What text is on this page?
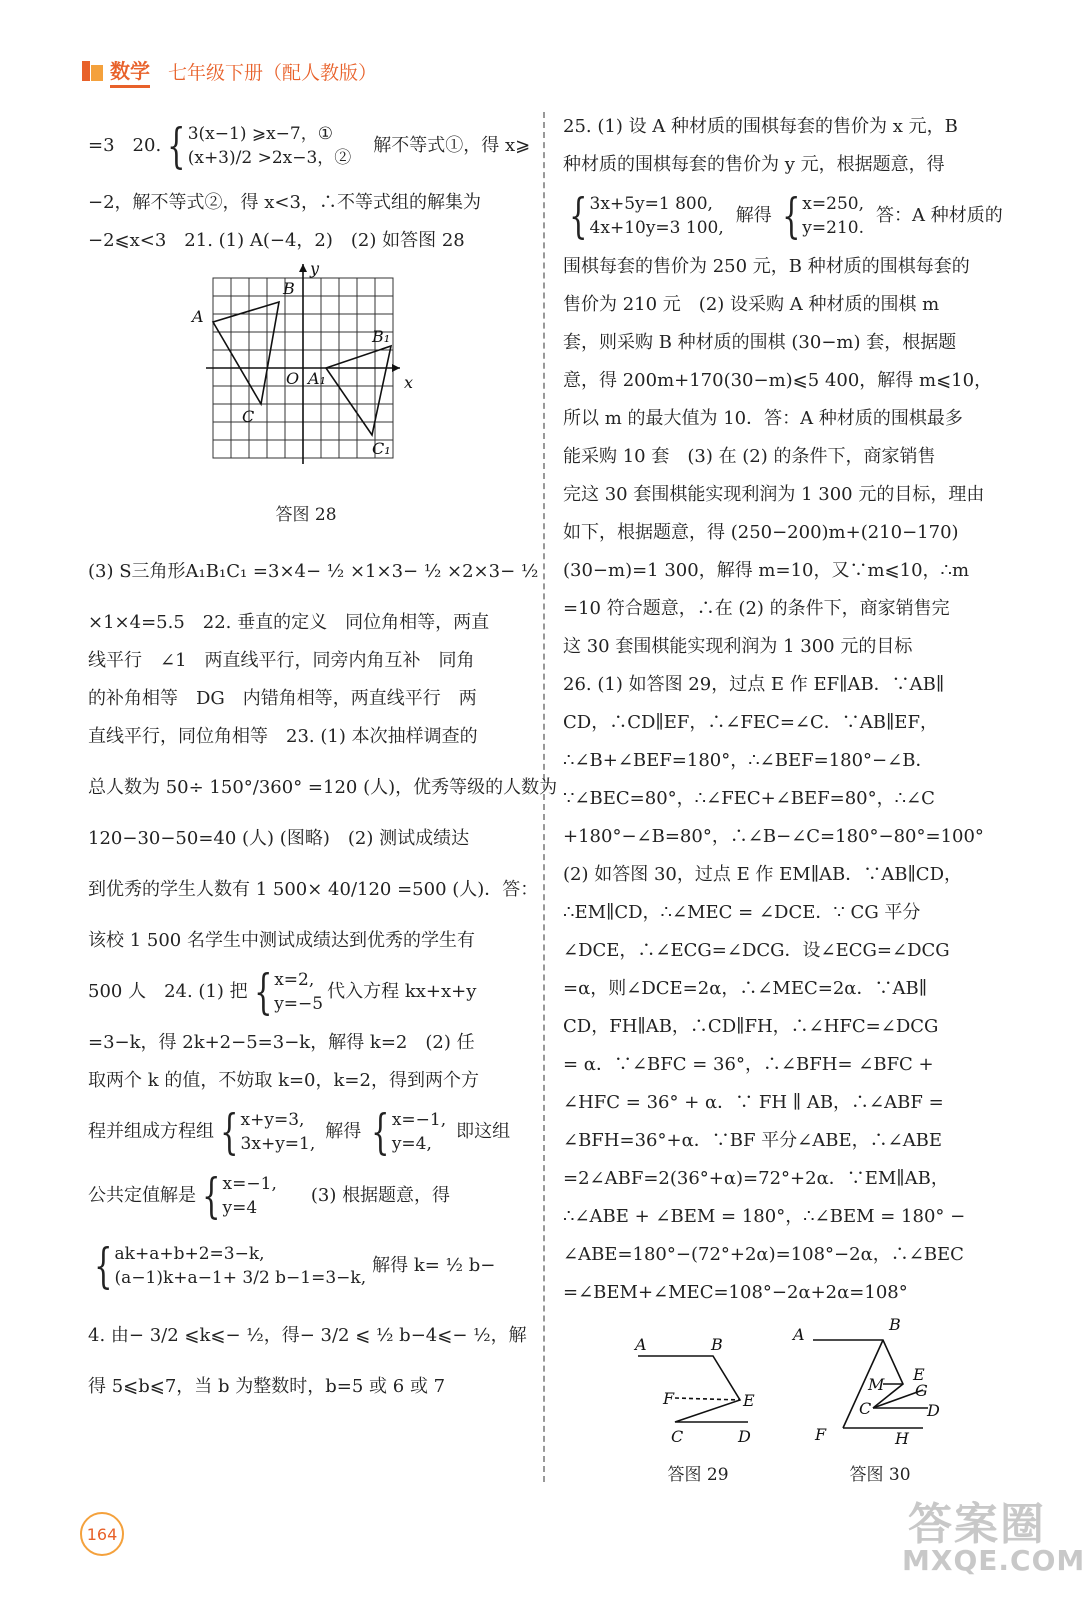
数学 七年级下册（配人教版）
=3　20. { 3(x−1) ⩾x−7，①
(x+3)/2 >2x−3，②
解不等式①，得 x⩾
−2，解不等式②，得 x<3，∴不等式组的解集为
−2⩽x<3　21. (1) A(−4，2)　(2) 如答图 28
A
B
C
O A₁
B₁
C₁
x
y
答图 28
(3) S三角形A₁B₁C₁ =3×4− ½ ×1×3− ½ ×2×3− ½
×1×4=5.5　22. 垂直的定义　同位角相等，两直
线平行　∠1　两直线平行，同旁内角互补　同角
的补角相等　DG　内错角相等，两直线平行　两
直线平行，同位角相等　23. (1) 本次抽样调查的
总人数为 50÷ 150°/360° =120 (人)，优秀等级的人数为
120−30−50=40 (人) (图略)　(2) 测试成绩达
到优秀的学生人数有 1 500× 40/120 =500 (人)．答：
该校 1 500 名学生中测试成绩达到优秀的学生有
500 人　24. (1) 把 { x=2,
y=−5
代入方程 kx+x+y
=3−k，得 2k+2−5=3−k，解得 k=2　(2) 任
取两个 k 的值，不妨取 k=0，k=2，得到两个方
程并组成方程组 { x+y=3,
3x+y=1,
解得 { x=−1,
y=4,
即这组
公共定值解是 { x=−1,
y=4
(3) 根据题意，得
{ ak+a+b+2=3−k,
(a−1)k+a−1+ 3/2 b−1=3−k,
解得 k= ½ b−
4. 由− 3/2 ⩽k⩽− ½，得− 3/2 ⩽ ½ b−4⩽− ½，解
得 5⩽b⩽7，当 b 为整数时，b=5 或 6 或 7
25. (1) 设 A 种材质的围棋每套的售价为 x 元，B
种材质的围棋每套的售价为 y 元，根据题意，得
{ 3x+5y=1 800,
4x+10y=3 100,
解得 { x=250,
y=210.
答：A 种材质的
围棋每套的售价为 250 元，B 种材质的围棋每套的
售价为 210 元　(2) 设采购 A 种材质的围棋 m
套，则采购 B 种材质的围棋 (30−m) 套，根据题
意，得 200m+170(30−m)⩽5 400，解得 m⩽10，
所以 m 的最大值为 10．答：A 种材质的围棋最多
能采购 10 套　(3) 在 (2) 的条件下，商家销售
完这 30 套围棋能实现利润为 1 300 元的目标，理由
如下，根据题意，得 (250−200)m+(210−170)
(30−m)=1 300，解得 m=10，又∵m⩽10，∴m
=10 符合题意，∴在 (2) 的条件下，商家销售完
这 30 套围棋能实现利润为 1 300 元的目标
26. (1) 如答图 29，过点 E 作 EF∥AB．∵AB∥
CD，∴CD∥EF，∴∠FEC=∠C．∵AB∥EF，
∴∠B+∠BEF=180°，∴∠BEF=180°−∠B．
∵∠BEC=80°，∴∠FEC+∠BEF=80°，∴∠C
+180°−∠B=80°，∴∠B−∠C=180°−80°=100°
(2) 如答图 30，过点 E 作 EM∥AB．∵AB∥CD，
∴EM∥CD，∴∠MEC = ∠DCE．∵ CG 平分
∠DCE，∴∠ECG=∠DCG．设∠ECG=∠DCG
=α，则∠DCE=2α，∴∠MEC=2α．∵AB∥
CD，FH∥AB，∴CD∥FH，∴∠HFC=∠DCG
= α．∵∠BFC = 36°，∴∠BFH= ∠BFC +
∠HFC = 36° + α．∵ FH ∥ AB，∴∠ABF =
∠BFH=36°+α．∵BF 平分∠ABE，∴∠ABE
=2∠ABF=2(36°+α)=72°+2α．∵EM∥AB，
∴∠ABE + ∠BEM = 180°，∴∠BEM = 180° −
∠ABE=180°−(72°+2α)=108°−2α，∴∠BEC
=∠BEM+∠MEC=108°−2α+2α=108°
A	B
E
F
C	D
A
B
E
M G
C	D
F	H
答图 29	答图 30
164	答案圈
MXQE.COM
